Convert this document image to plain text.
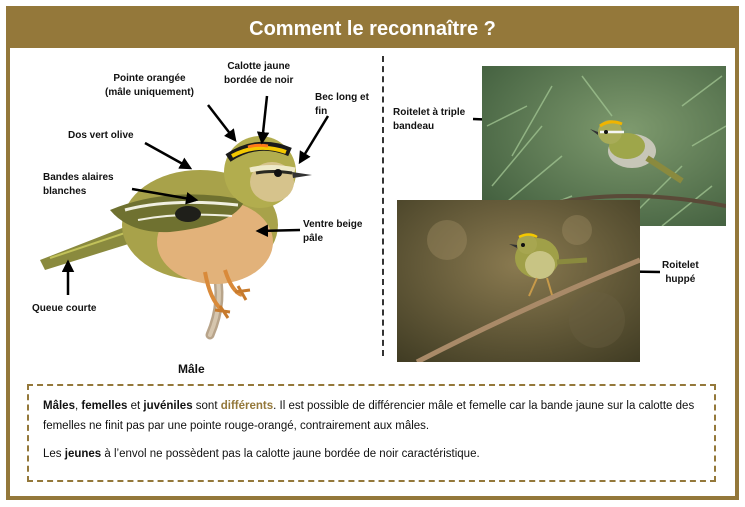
Comment le reconnaître ?
Pointe orangée
(mâle uniquement)
Calotte jaune
bordée de noir
Bec long et
fin
Dos vert olive
Bandes alaires
blanches
Ventre beige
pâle
Queue courte
Mâle
Roitelet à triple
bandeau
Roitelet
huppé

Mâles, femelles et juvéniles sont différents. Il est possible de différencier mâle et femelle car la bande jaune sur la calotte des femelles ne finit pas par une pointe rouge-orangé, contrairement aux mâles.

Les jeunes à l’envol ne possèdent pas la calotte jaune bordée de noir caractéristique.
